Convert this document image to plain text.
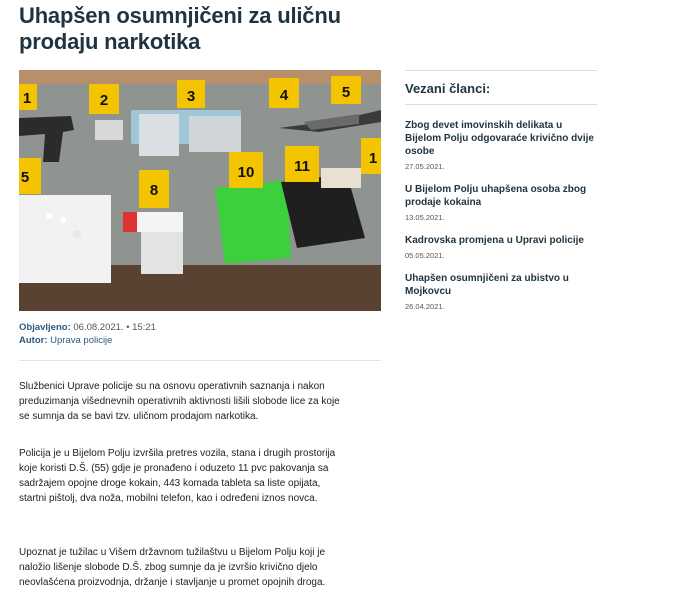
Uhapšen osumnjičeni za uličnu prodaju narkotika
1	2	3	4	5
5
8
10	11	1
Objavljeno: 06.08.2021. • 15:21
Autor: Uprava policije

Službenici Uprave policije su na osnovu operativnih saznanja i nakon preduzimanja višednevnih operativnih aktivnosti lišili slobode lice za koje se sumnja da se bavi tzv. uličnom prodajom narkotika.

Policija je u Bijelom Polju izvršila pretres vozila, stana i drugih prostorija koje koristi D.Š. (55) gdje je pronađeno i oduzeto 11 pvc pakovanja sa sadržajem opojne droge kokain, 443 komada tableta sa liste opijata, startni pištolj, dva noža, mobilni telefon, kao i određeni iznos novca.

Upoznat je tužilac u Višem državnom tužilaštvu u Bijelom Polju koji je naložio lišenje slobode D.Š. zbog sumnje da je izvršio krivično djelo neovlašćena proizvodnja, držanje i stavljanje u promet opojnih droga.

Vezani članci:

Zbog devet imovinskih delikata u Bijelom Polju odgovaraće krivično dvije osobe

27.05.2021.

U Bijelom Polju uhapšena osoba zbog prodaje kokaina

13.05.2021.

Kadrovska promjena u Upravi policije

05.05.2021.

Uhapšen osumnjičeni za ubistvo u Mojkovcu

26.04.2021.
